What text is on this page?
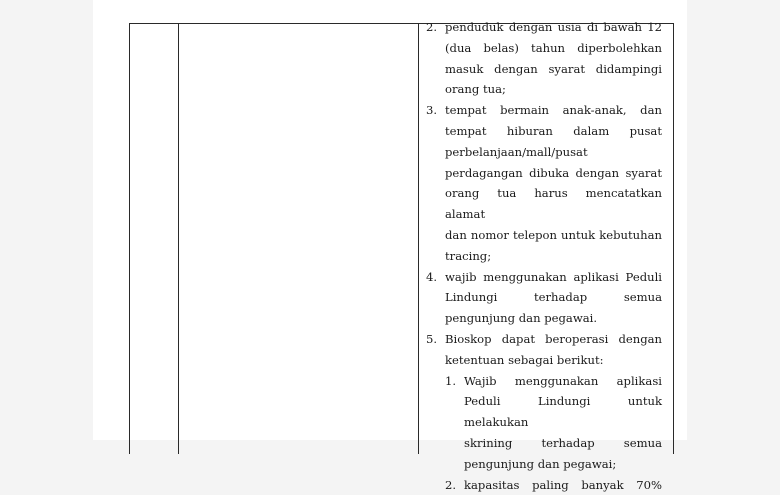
2. penduduk dengan usia di bawah 12
(dua belas) tahun diperbolehkan
masuk dengan syarat didampingi
orang tua;
3. tempat bermain anak-anak, dan
tempat hiburan dalam pusat
perbelanjaan/mall/pusat
perdagangan dibuka dengan syarat
orang tua harus mencatatkan alamat
dan nomor telepon untuk kebutuhan
tracing;
4. wajib menggunakan aplikasi Peduli
Lindungi terhadap semua
pengunjung dan pegawai.
5. Bioskop dapat beroperasi dengan
ketentuan sebagai berikut:
1. Wajib menggunakan aplikasi
Peduli Lindungi untuk melakukan
skrining terhadap semua
pengunjung dan pegawai;
2. kapasitas paling banyak 70%
